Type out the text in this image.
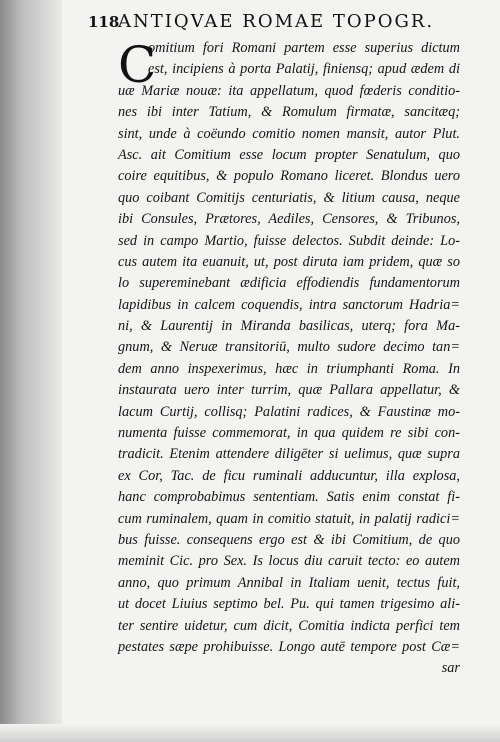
118
ANTIQVAE ROMAE TOPOGR.
C
omitium fori Romani partem esse superius dictum
est, incipiens à porta Palatij, finiensq; apud ædem di
uæ Mariæ nouæ: ita appellatum, quod fœderis conditio-
nes ibi inter Tatium, & Romulum firmatæ, sancitæq;
sint, unde à coëundo comitio nomen mansit, autor Plut.
Asc. ait Comitium esse locum propter Senatulum, quo
coire equitibus, & populo Romano liceret. Blondus uero
quo coibant Comitijs centuriatis, & litium causa, neque
ibi Consules, Prætores, Aediles, Censores, & Tribunos,
sed in campo Martio, fuisse delectos. Subdit deinde: Lo-
cus autem ita euanuit, ut, post diruta iam pridem, quæ so
lo supereminebant ædificia effodiendis fundamentorum
lapidibus in calcem coquendis, intra sanctorum Hadria=
ni, & Laurentij in Miranda basilicas, uterq; fora Ma-
gnum, & Neruæ transitoriū, multo sudore decimo tan=
dem anno inspexerimus, hæc in triumphanti Roma. In
instaurata uero inter turrim, quæ Pallara appellatur, &
lacum Curtij, collisq; Palatini radices, & Faustinæ mo-
numenta fuisse commemorat, in qua quidem re sibi con-
tradicit. Etenim attendere diligēter si uelimus, quæ supra
ex Cor, Tac. de ficu ruminali adducuntur, illa explosa,
hanc comprobabimus sententiam. Satis enim constat fi-
cum ruminalem, quam in comitio statuit, in palatij radici=
bus fuisse. consequens ergo est & ibi Comitium, de quo
meminit Cic. pro Sex. Is locus diu caruit tecto: eo autem
anno, quo primum Annibal in Italiam uenit, tectus fuit,
ut docet Liuius septimo bel. Pu. qui tamen trigesimo ali-
ter sentire uidetur, cum dicit, Comitia indicta perfici tem
pestates sæpe prohibuisse. Longo autē tempore post Cæ=
sar
